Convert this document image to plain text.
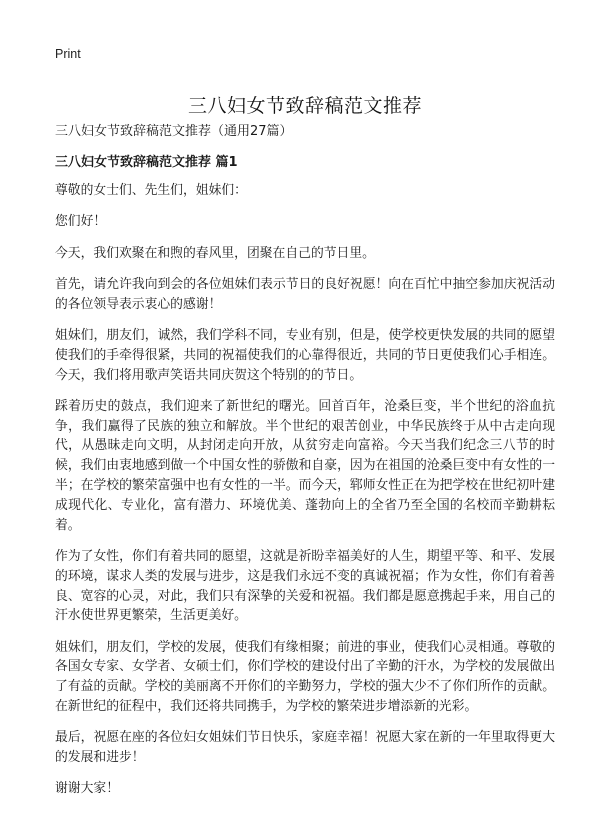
Print
三八妇女节致辞稿范文推荐
三八妇女节致辞稿范文推荐（通用27篇）
三八妇女节致辞稿范文推荐 篇1

尊敬的女士们、先生们，姐妹们：

您们好！

今天，我们欢聚在和煦的春风里，团聚在自己的节日里。

首先，请允许我向到会的各位姐妹们表示节日的良好祝愿！向在百忙中抽空参加庆祝活动的各位领导表示衷心的感谢！

姐妹们，朋友们，诚然，我们学科不同，专业有别，但是，使学校更快发展的共同的愿望使我们的手牵得很紧，共同的祝福使我们的心靠得很近，共同的节日更使我们心手相连。今天，我们将用歌声笑语共同庆贺这个特别的的节日。

踩着历史的鼓点，我们迎来了新世纪的曙光。回首百年，沧桑巨变，半个世纪的浴血抗争，我们赢得了民族的独立和解放。半个世纪的艰苦创业，中华民族终于从中古走向现代，从愚昧走向文明，从封闭走向开放，从贫穷走向富裕。今天当我们纪念三八节的时候，我们由衷地感到做一个中国女性的骄傲和自豪，因为在祖国的沧桑巨变中有女性的一半；在学校的繁荣富强中也有女性的一半。而今天，郓师女性正在为把学校在世纪初叶建成现代化、专业化，富有潜力、环境优美、蓬勃向上的全省乃至全国的名校而辛勤耕耘着。

作为了女性，你们有着共同的愿望，这就是祈盼幸福美好的人生，期望平等、和平、发展的环境，谋求人类的发展与进步，这是我们永远不变的真诚祝福；作为女性，你们有着善良、宽容的心灵，对此，我们只有深挚的关爱和祝福。我们都是愿意携起手来，用自己的汗水使世界更繁荣，生活更美好。

姐妹们，朋友们，学校的发展，使我们有缘相聚；前进的事业，使我们心灵相通。尊敬的各国女专家、女学者、女硕士们，你们学校的建设付出了辛勤的汗水，为学校的发展做出了有益的贡献。学校的美丽离不开你们的辛勤努力，学校的强大少不了你们所作的贡献。在新世纪的征程中，我们还将共同携手，为学校的繁荣进步增添新的光彩。

最后，祝愿在座的各位妇女姐妹们节日快乐，家庭幸福！祝愿大家在新的一年里取得更大的发展和进步！

谢谢大家！
